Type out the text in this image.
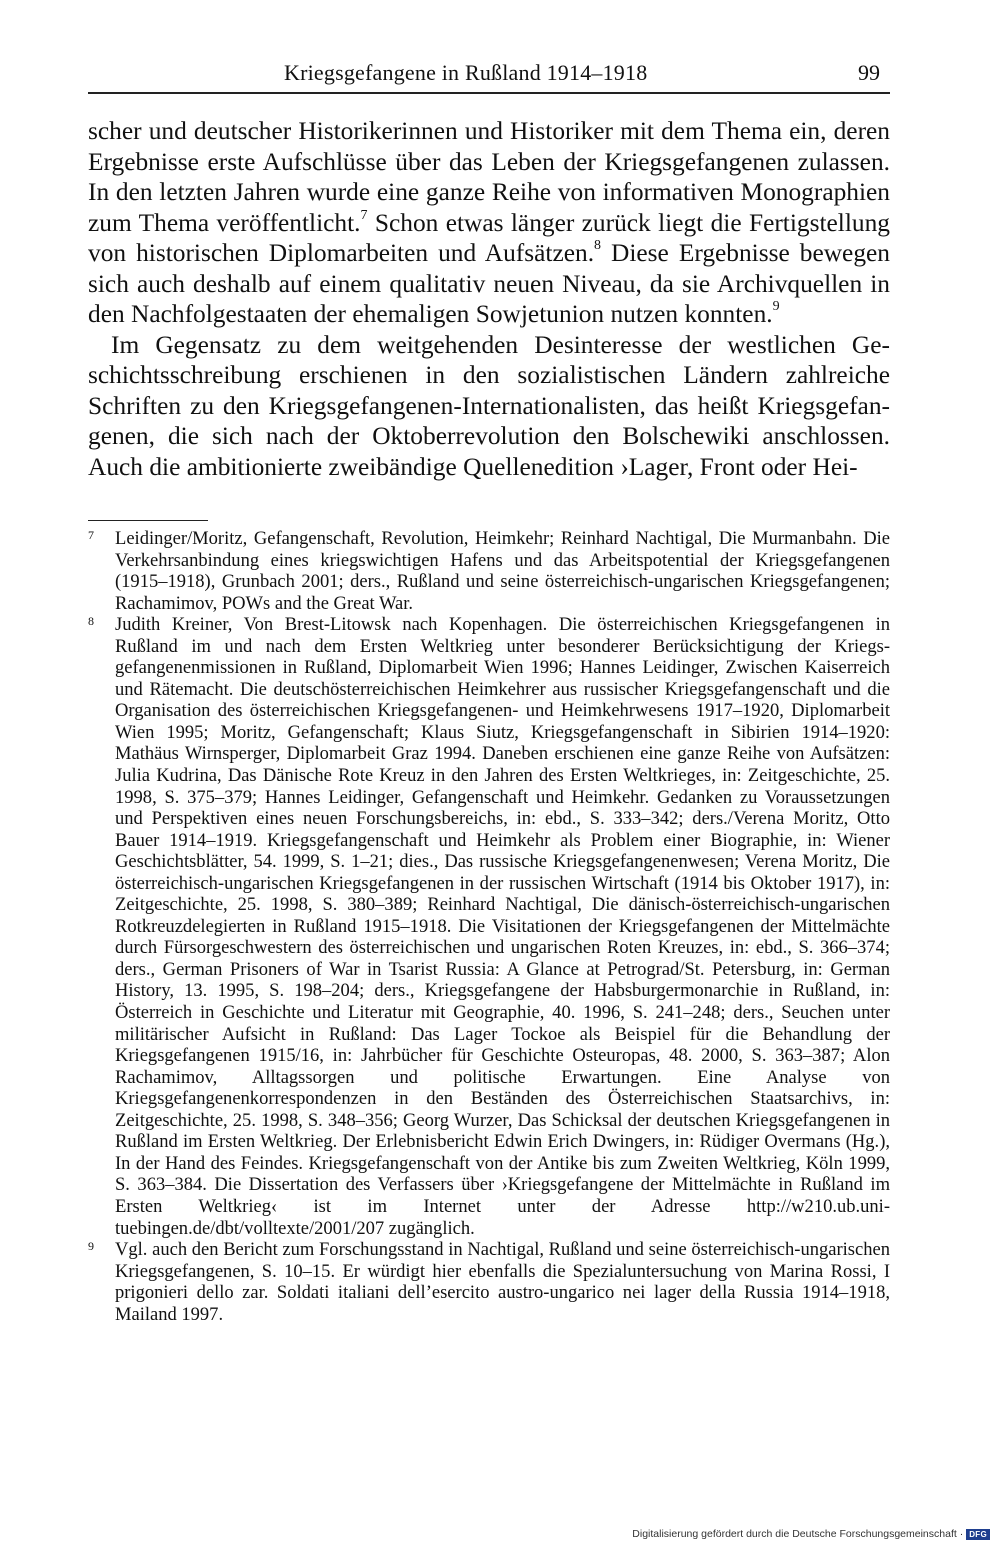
Kriegsgefangene in Rußland 1914–1918	99

scher und deutscher Historikerinnen und Historiker mit dem Thema ein, deren Ergebnisse erste Aufschlüsse über das Leben der Kriegsgefangenen zulassen. In den letzten Jahren wurde eine ganze Reihe von informativen Monographien zum Thema veröffentlicht.$^7$ Schon etwas länger zurück liegt die Fertigstellung von historischen Diplomarbeiten und Aufsätzen.$^8$ Diese Ergebnisse bewegen sich auch deshalb auf einem qualitativ neuen Niveau, da sie Archivquellen in den Nachfolgestaaten der ehemaligen Sowjetunion nutzen konnten.$^9$

Im Gegensatz zu dem weitgehenden Desinteresse der westlichen Geschichtsschreibung erschienen in den sozialistischen Ländern zahlreiche Schriften zu den Kriegsgefangenen-Internationalisten, das heißt Kriegsgefangenen, die sich nach der Oktoberrevolution den Bolschewiki anschlossen. Auch die ambitionierte zweibändige Quellenedition ›Lager, Front oder Hei-

7 Leidinger/Moritz, Gefangenschaft, Revolution, Heimkehr; Reinhard Nachtigal, Die Murmanbahn. Die Verkehrsanbindung eines kriegswichtigen Hafens und das Arbeitspotential der Kriegsgefangenen (1915–1918), Grunbach 2001; ders., Rußland und seine österreichisch-ungarischen Kriegsgefangenen; Rachamimov, POWs and the Great War.

8 Judith Kreiner, Von Brest-Litowsk nach Kopenhagen. Die österreichischen Kriegsgefangenen in Rußland im und nach dem Ersten Weltkrieg unter besonderer Berücksichtigung der Kriegsgefangenenmissionen in Rußland, Diplomarbeit Wien 1996; Hannes Leidinger, Zwischen Kaiserreich und Rätemacht. Die deutschösterreichischen Heimkehrer aus russischer Kriegsgefangenschaft und die Organisation des österreichischen Kriegsgefangenen- und Heimkehrwesens 1917–1920, Diplomarbeit Wien 1995; Moritz, Gefangenschaft; Klaus Siutz, Kriegsgefangenschaft in Sibirien 1914–1920: Mathäus Wirnsperger, Diplomarbeit Graz 1994. Daneben erschienen eine ganze Reihe von Aufsätzen: Julia Kudrina, Das Dänische Rote Kreuz in den Jahren des Ersten Weltkrieges, in: Zeitgeschichte, 25. 1998, S. 375–379; Hannes Leidinger, Gefangenschaft und Heimkehr. Gedanken zu Voraussetzungen und Perspektiven eines neuen Forschungsbereichs, in: ebd., S. 333–342; ders./Verena Moritz, Otto Bauer 1914–1919. Kriegsgefangenschaft und Heimkehr als Problem einer Biographie, in: Wiener Geschichtsblätter, 54. 1999, S. 1–21; dies., Das russische Kriegsgefangenenwesen; Verena Moritz, Die österreichisch-ungarischen Kriegsgefangenen in der russischen Wirtschaft (1914 bis Oktober 1917), in: Zeitgeschichte, 25. 1998, S. 380–389; Reinhard Nachtigal, Die dänisch-österreichisch-ungarischen Rotkreuzdelegierten in Rußland 1915–1918. Die Visitationen der Kriegsgefangenen der Mittelmächte durch Fürsorgeschwestern des österreichischen und ungarischen Roten Kreuzes, in: ebd., S. 366–374; ders., German Prisoners of War in Tsarist Russia: A Glance at Petrograd/St. Petersburg, in: German History, 13. 1995, S. 198–204; ders., Kriegsgefangene der Habsburgermonarchie in Rußland, in: Österreich in Geschichte und Literatur mit Geographie, 40. 1996, S. 241–248; ders., Seuchen unter militärischer Aufsicht in Rußland: Das Lager Tockoe als Beispiel für die Behandlung der Kriegsgefangenen 1915/16, in: Jahrbücher für Geschichte Osteuropas, 48. 2000, S. 363–387; Alon Rachamimov, Alltagssorgen und politische Erwartungen. Eine Analyse von Kriegsgefangenenkorrespondenzen in den Beständen des Österreichischen Staatsarchivs, in: Zeitgeschichte, 25. 1998, S. 348–356; Georg Wurzer, Das Schicksal der deutschen Kriegsgefangenen in Rußland im Ersten Weltkrieg. Der Erlebnisbericht Edwin Erich Dwingers, in: Rüdiger Overmans (Hg.), In der Hand des Feindes. Kriegsgefangenschaft von der Antike bis zum Zweiten Weltkrieg, Köln 1999, S. 363–384. Die Dissertation des Verfassers über ›Kriegsgefangene der Mittelmächte in Rußland im Ersten Weltkrieg‹ ist im Internet unter der Adresse http://w210.ub.uni-tuebingen.de/dbt/volltexte/2001/207 zugänglich.

9 Vgl. auch den Bericht zum Forschungsstand in Nachtigal, Rußland und seine österreichisch-ungarischen Kriegsgefangenen, S. 10–15. Er würdigt hier ebenfalls die Spezialuntersuchung von Marina Rossi, I prigonieri dello zar. Soldati italiani dell’esercito austro-ungarico nei lager della Russia 1914–1918, Mailand 1997.

Digitalisierung gefördert durch die Deutsche Forschungsgemeinschaft · DFG
